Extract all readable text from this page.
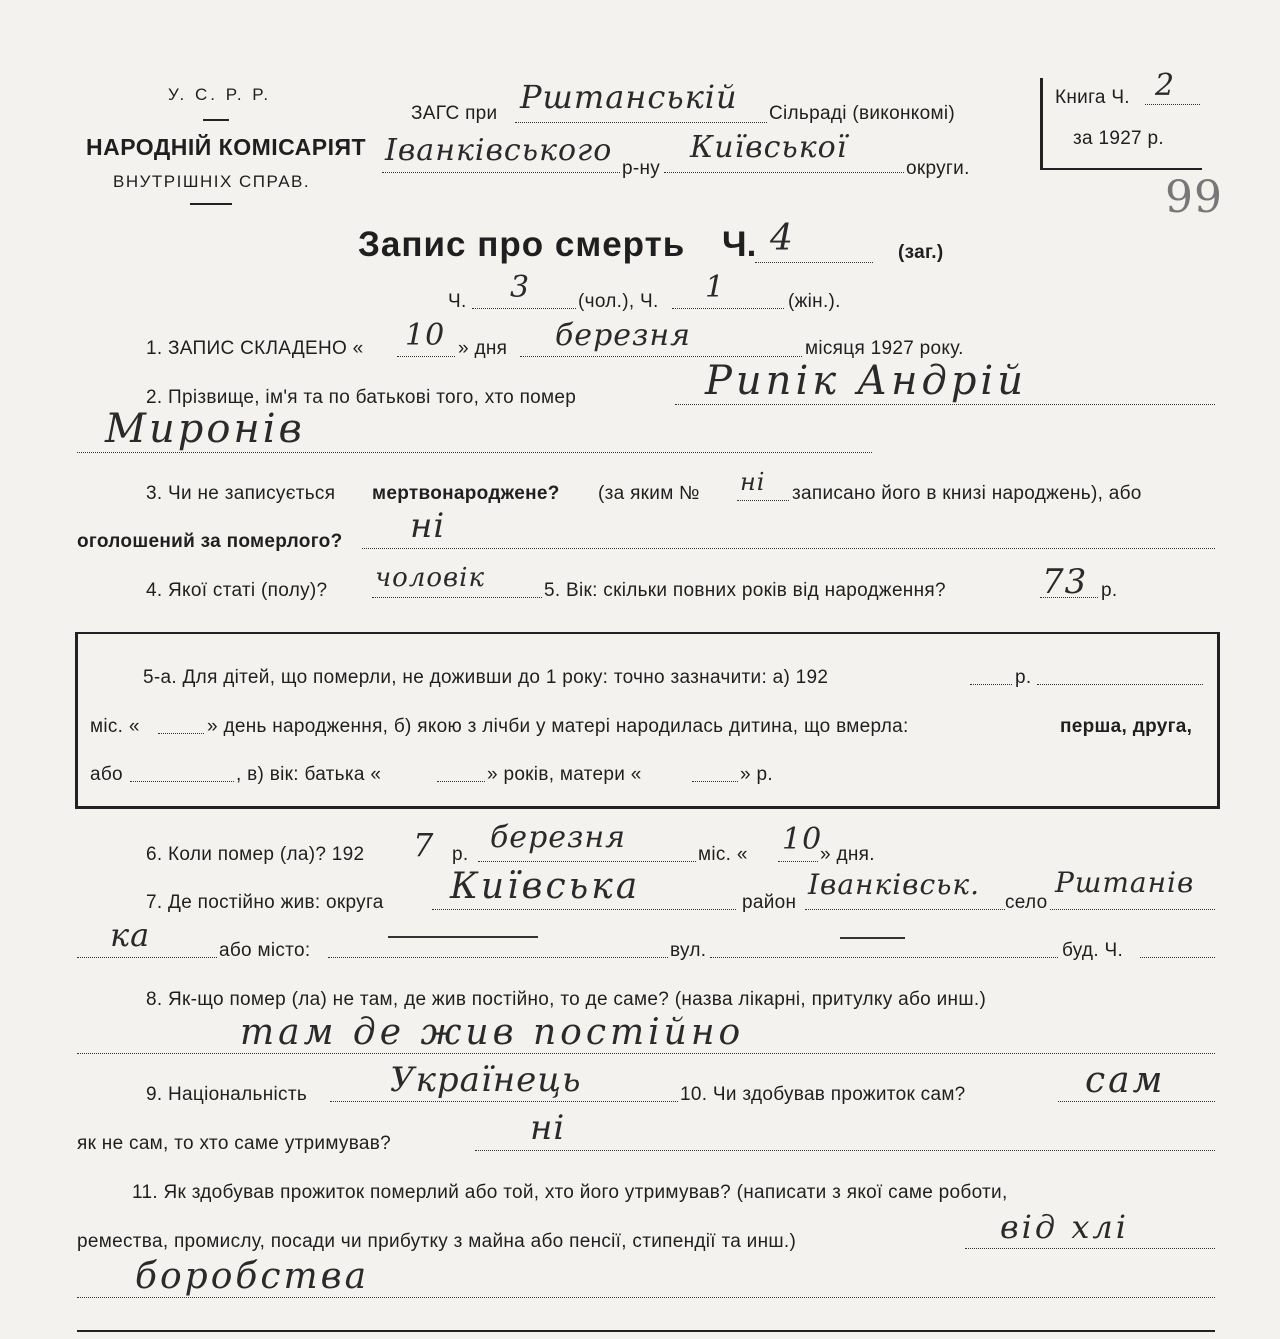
У. С. Р. Р.
НАРОДНІЙ КОМІСАРІЯТ
ВНУТРІШНІХ СПРАВ.
ЗАГС при Рштанській Сільраді (виконкомі)
Іванківського
р-ну
Київської
округи.
Книга Ч. 2
за 1927 р.
99
Запис про смерть Ч. 4	(заг.)
Ч. 3	(чол.), Ч. 1	(жін.).
1. ЗАПИС СКЛАДЕНО « 10 » дня березня	місяця 1927 року.
2. Прізвище, ім'я та по батькові того, хто помер	Рипік Андрій
Миронів
3. Чи не записується мертвонароджене? (за яким № ні записано його в книзі народжень), або
оголошений за померлого? ні
4. Якої статі (полу)? чоловік	5. Вік: скільки повних років від народження?	73 р.
5-а. Для дітей, що померли, не доживши до 1 року: точно зазначити: а) 192	р.
міс. «	» день народження, б) якою з лічби у матері народилась дитина, що вмерла:	перша, друга,
або	, в) вік: батька «	» років, матери «	» р.
6. Коли помер (ла)? 192 7 р. березня	міс. « 10
» дня.
7. Де постійно жив: округа Київська	район
Іванківськ.
село
Рштанів
ка	або місто:	вул.	буд. Ч.
8. Як-що помер (ла) не там, де жив постійно, то де саме? (назва лікарні, притулку або инш.)
там де жив постійно
9. Національність Українець	10. Чи здобував прожиток сам?	сам
як не сам, то хто саме утримував?	ні
11. Як здобував прожиток померлий або той, хто його утримував? (написати з якої саме роботи,
ремества, промислу, посади чи прибутку з майна або пенсії, стипендії та инш.)	від хлі
боробства
